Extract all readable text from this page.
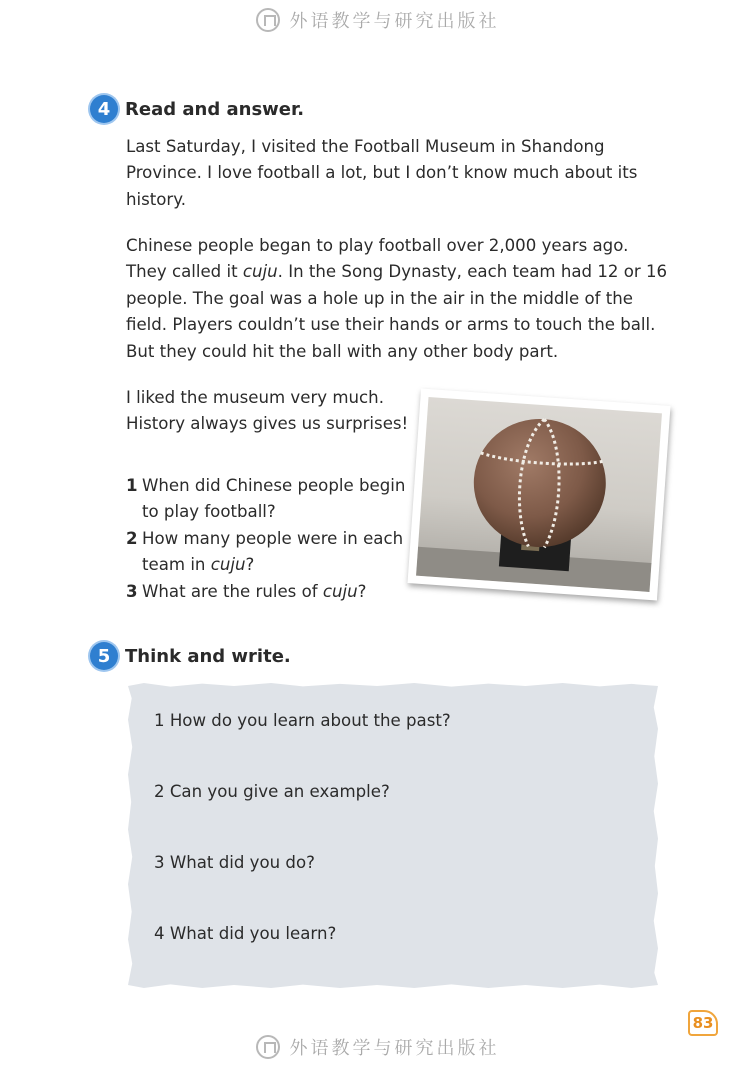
外语教学与研究出版社
4 Read and answer.

Last Saturday, I visited the Football Museum in Shandong Province. I love football a lot, but I don’t know much about its history.

Chinese people began to play football over 2,000 years ago. They called it cuju. In the Song Dynasty, each team had 12 or 16 people. The goal was a hole up in the air in the middle of the field. Players couldn’t use their hands or arms to touch the ball. But they could hit the ball with any other body part.

I liked the museum very much. History always gives us surprises!

1 When did Chinese people begin to play football?
2 How many people were in each team in cuju?
3 What are the rules of cuju?
5 Think and write.
1 How do you learn about the past?
2 Can you give an example?
3 What did you do?
4 What did you learn?
83
外语教学与研究出版社
